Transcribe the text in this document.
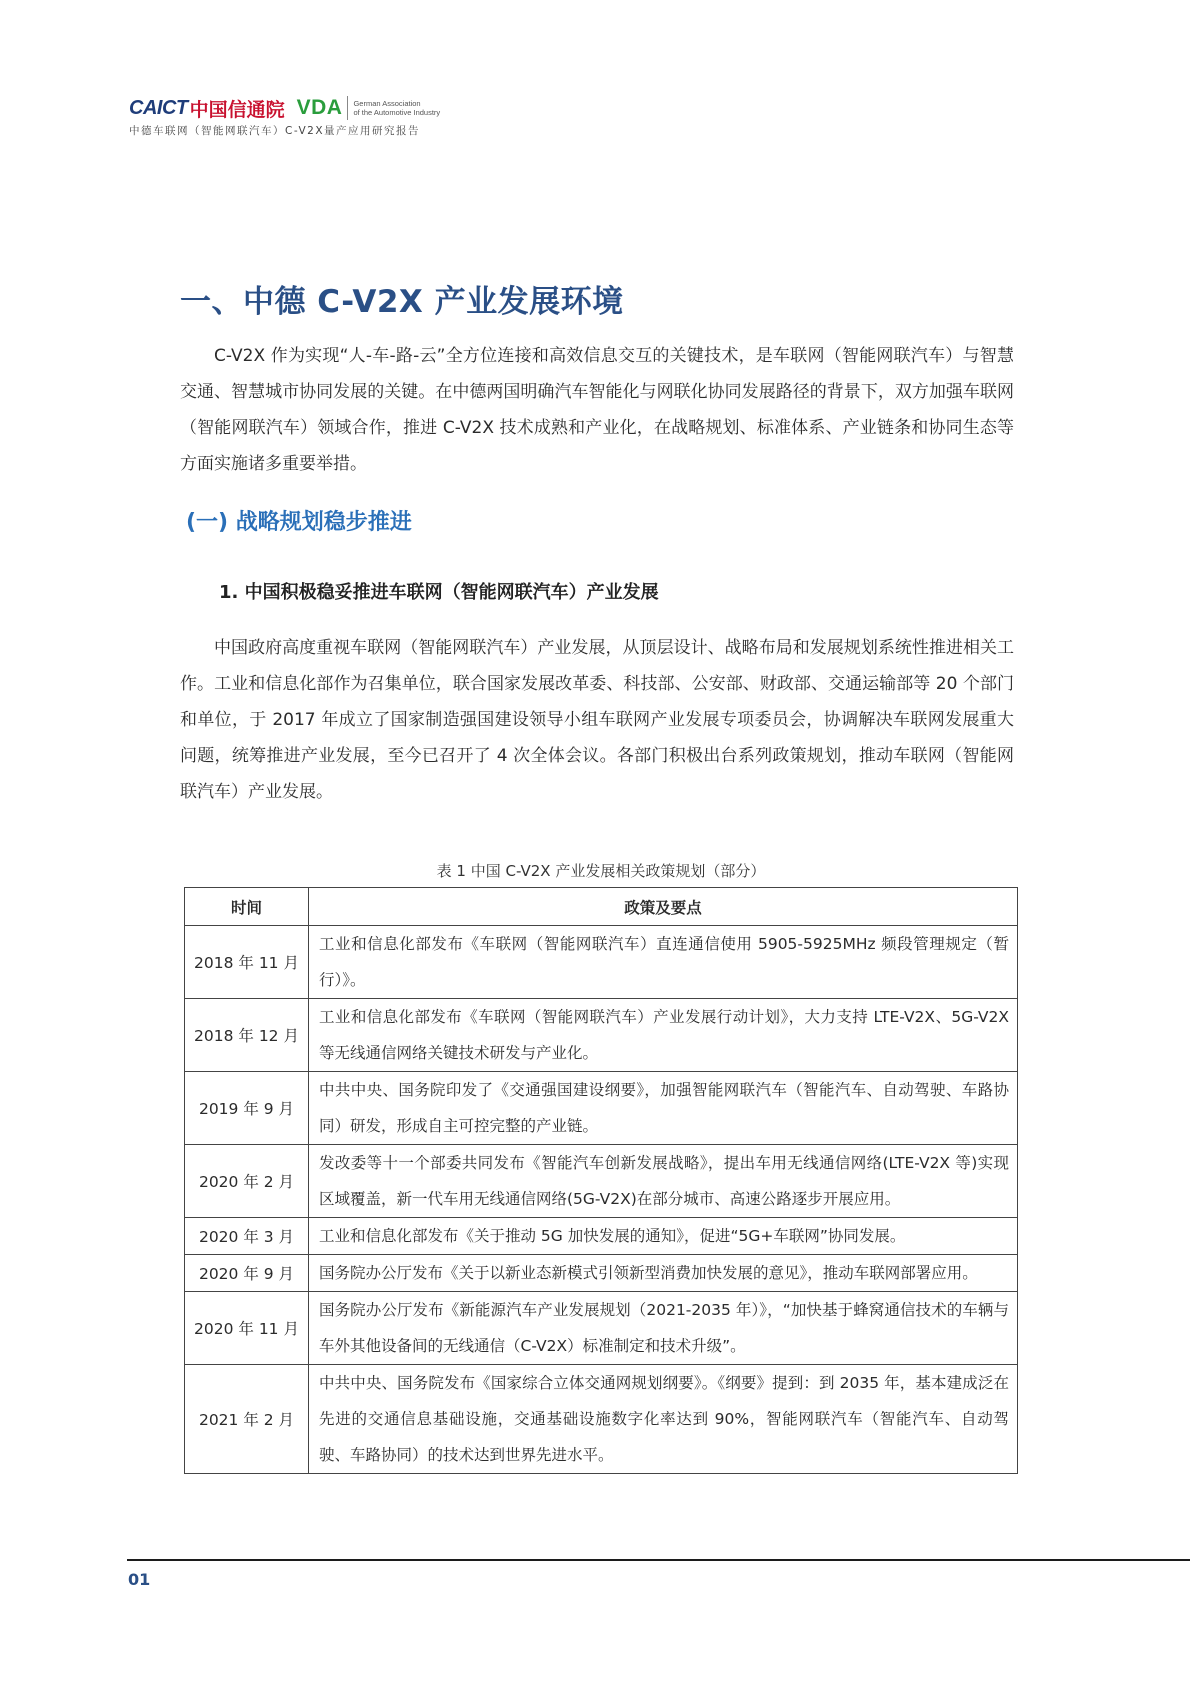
CAICT 中国信通院 VDA German Association
of the Automotive Industry
中德车联网（智能网联汽车）C-V2X量产应用研究报告
一、中德 C-V2X 产业发展环境

C-V2X 作为实现“人-车-路-云”全方位连接和高效信息交互的关键技术，是车联网（智能网联汽车）与智慧交通、智慧城市协同发展的关键。在中德两国明确汽车智能化与网联化协同发展路径的背景下，双方加强车联网（智能网联汽车）领域合作，推进 C-V2X 技术成熟和产业化，在战略规划、标准体系、产业链条和协同生态等方面实施诸多重要举措。

(一) 战略规划稳步推进
1. 中国积极稳妥推进车联网（智能网联汽车）产业发展

中国政府高度重视车联网（智能网联汽车）产业发展，从顶层设计、战略布局和发展规划系统性推进相关工作。工业和信息化部作为召集单位，联合国家发展改革委、科技部、公安部、财政部、交通运输部等 20 个部门和单位，于 2017 年成立了国家制造强国建设领导小组车联网产业发展专项委员会，协调解决车联网发展重大问题，统筹推进产业发展，至今已召开了 4 次全体会议。各部门积极出台系列政策规划，推动车联网（智能网联汽车）产业发展。

表 1 中国 C-V2X 产业发展相关政策规划（部分）

时间	政策及要点
2018 年 11 月	工业和信息化部发布《车联网（智能网联汽车）直连通信使用 5905-5925MHz 频段管理规定（暂行）》。
2018 年 12 月	工业和信息化部发布《车联网（智能网联汽车）产业发展行动计划》，大力支持 LTE-V2X、5G-V2X 等无线通信网络关键技术研发与产业化。
2019 年 9 月	中共中央、国务院印发了《交通强国建设纲要》，加强智能网联汽车（智能汽车、自动驾驶、车路协同）研发，形成自主可控完整的产业链。
2020 年 2 月	发改委等十一个部委共同发布《智能汽车创新发展战略》，提出车用无线通信网络(LTE-V2X 等)实现区域覆盖，新一代车用无线通信网络(5G-V2X)在部分城市、高速公路逐步开展应用。
2020 年 3 月	工业和信息化部发布《关于推动 5G 加快发展的通知》，促进“5G+车联网”协同发展。
2020 年 9 月	国务院办公厅发布《关于以新业态新模式引领新型消费加快发展的意见》，推动车联网部署应用。
2020 年 11 月	国务院办公厅发布《新能源汽车产业发展规划（2021-2035 年）》，“加快基于蜂窝通信技术的车辆与车外其他设备间的无线通信（C-V2X）标准制定和技术升级”。
2021 年 2 月	中共中央、国务院发布《国家综合立体交通网规划纲要》。《纲要》提到：到 2035 年，基本建成泛在先进的交通信息基础设施，交通基础设施数字化率达到 90%，智能网联汽车（智能汽车、自动驾驶、车路协同）的技术达到世界先进水平。
01
